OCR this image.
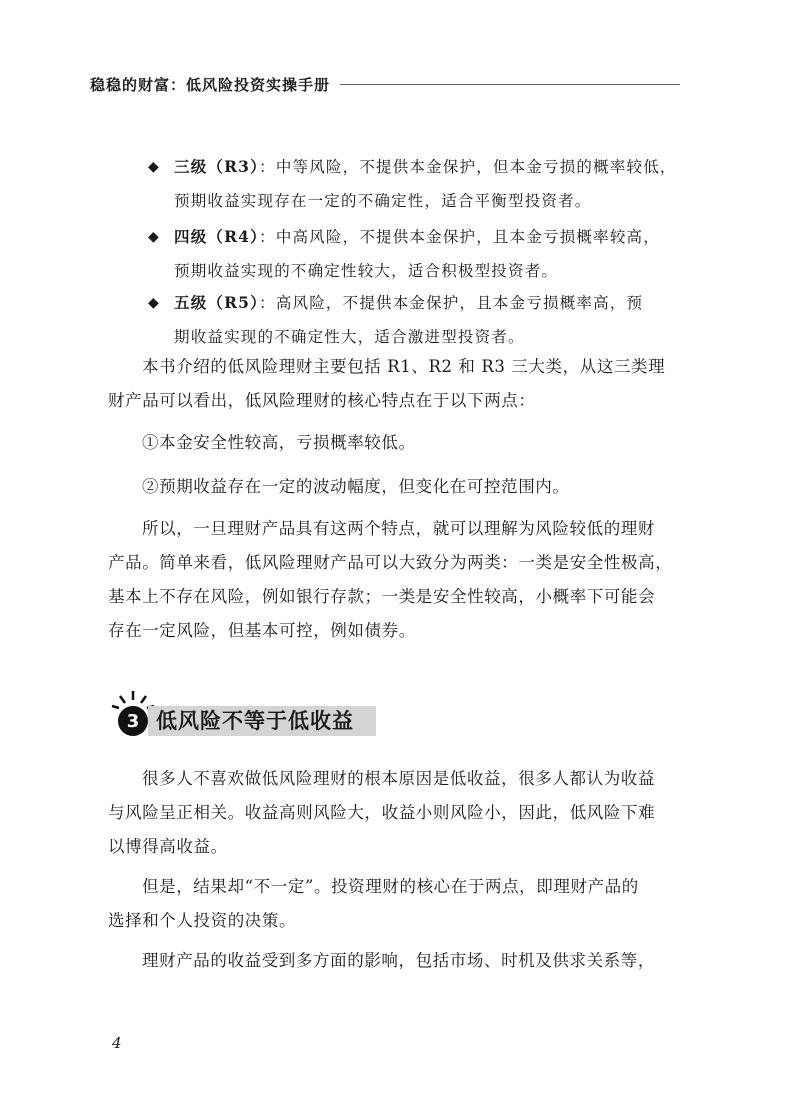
稳稳的财富：低风险投资实操手册
◆ 三级（R3）：中等风险，不提供本金保护，但本金亏损的概率较低，
预期收益实现存在一定的不确定性，适合平衡型投资者。
◆ 四级（R4）：中高风险，不提供本金保护，且本金亏损概率较高，
预期收益实现的不确定性较大，适合积极型投资者。
◆ 五级（R5）：高风险，不提供本金保护，且本金亏损概率高，预
期收益实现的不确定性大，适合激进型投资者。
本书介绍的低风险理财主要包括 R1、R2 和 R3 三大类，从这三类理
财产品可以看出，低风险理财的核心特点在于以下两点：
①本金安全性较高，亏损概率较低。
②预期收益存在一定的波动幅度，但变化在可控范围内。
所以，一旦理财产品具有这两个特点，就可以理解为风险较低的理财
产品。简单来看，低风险理财产品可以大致分为两类：一类是安全性极高，
基本上不存在风险，例如银行存款；一类是安全性较高，小概率下可能会
存在一定风险，但基本可控，例如债券。
3 低风险不等于低收益
很多人不喜欢做低风险理财的根本原因是低收益，很多人都认为收益
与风险呈正相关。收益高则风险大，收益小则风险小，因此，低风险下难
以博得高收益。
但是，结果却“不一定”。投资理财的核心在于两点，即理财产品的
选择和个人投资的决策。
理财产品的收益受到多方面的影响，包括市场、时机及供求关系等，
4
